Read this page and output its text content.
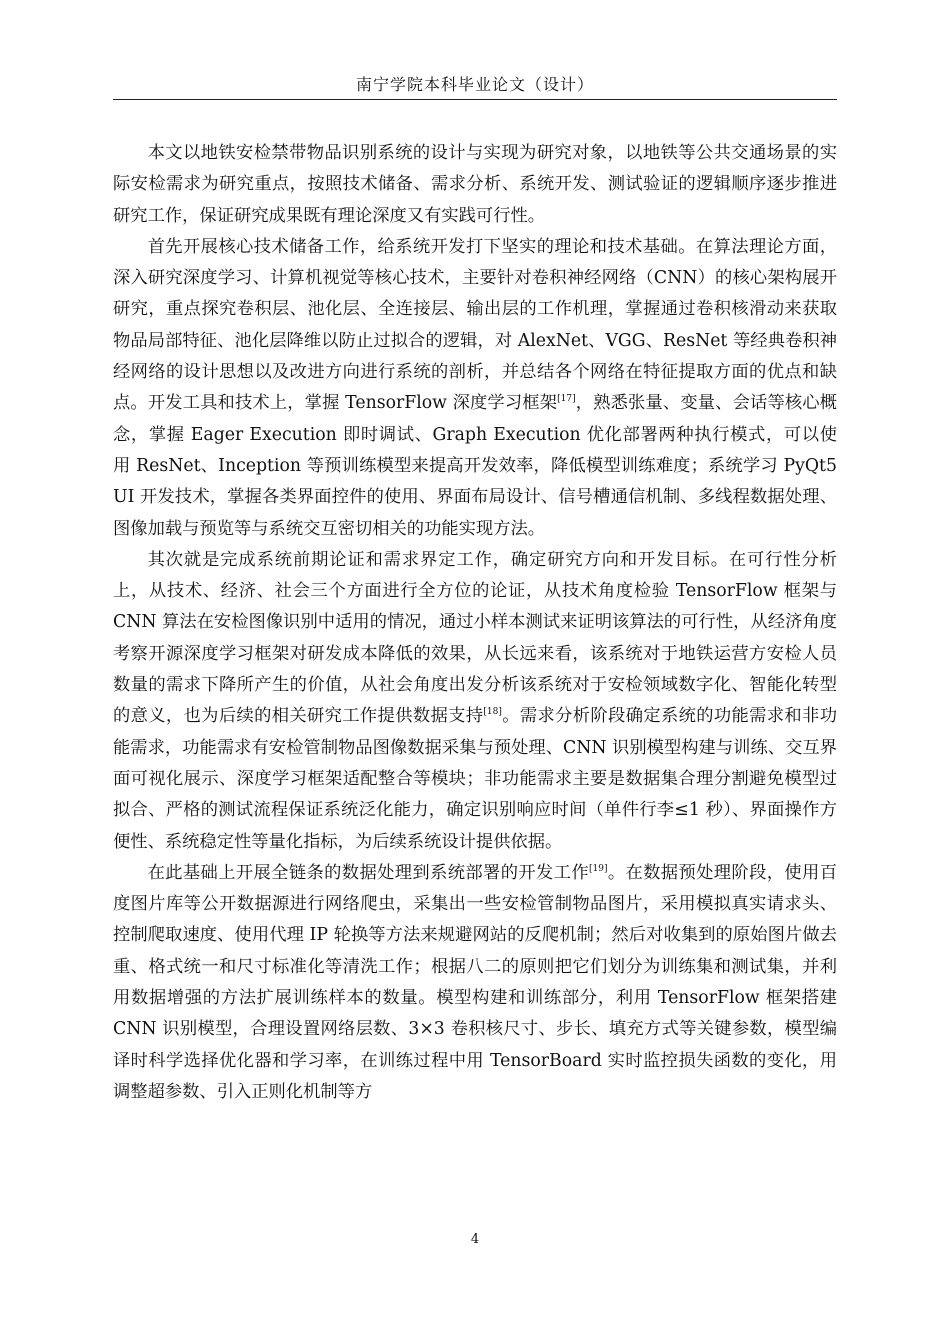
南宁学院本科毕业论文（设计）

本文以地铁安检禁带物品识别系统的设计与实现为研究对象，以地铁等公共交通场景的实际安检需求为研究重点，按照技术储备、需求分析、系统开发、测试验证的逻辑顺序逐步推进研究工作，保证研究成果既有理论深度又有实践可行性。

首先开展核心技术储备工作，给系统开发打下坚实的理论和技术基础。在算法理论方面，深入研究深度学习、计算机视觉等核心技术，主要针对卷积神经网络（CNN）的核心架构展开研究，重点探究卷积层、池化层、全连接层、输出层的工作机理，掌握通过卷积核滑动来获取物品局部特征、池化层降维以防止过拟合的逻辑，对 AlexNet、VGG、ResNet 等经典卷积神经网络的设计思想以及改进方向进行系统的剖析，并总结各个网络在特征提取方面的优点和缺点。开发工具和技术上，掌握 TensorFlow 深度学习框架[17]，熟悉张量、变量、会话等核心概念，掌握 Eager Execution 即时调试、Graph Execution 优化部署两种执行模式，可以使用 ResNet、Inception 等预训练模型来提高开发效率，降低模型训练难度；系统学习 PyQt5 UI 开发技术，掌握各类界面控件的使用、界面布局设计、信号槽通信机制、多线程数据处理、图像加载与预览等与系统交互密切相关的功能实现方法。

其次就是完成系统前期论证和需求界定工作，确定研究方向和开发目标。在可行性分析上，从技术、经济、社会三个方面进行全方位的论证，从技术角度检验 TensorFlow 框架与 CNN 算法在安检图像识别中适用的情况，通过小样本测试来证明该算法的可行性，从经济角度考察开源深度学习框架对研发成本降低的效果，从长远来看，该系统对于地铁运营方安检人员数量的需求下降所产生的价值，从社会角度出发分析该系统对于安检领域数字化、智能化转型的意义，也为后续的相关研究工作提供数据支持[18]。需求分析阶段确定系统的功能需求和非功能需求，功能需求有安检管制物品图像数据采集与预处理、CNN 识别模型构建与训练、交互界面可视化展示、深度学习框架适配整合等模块；非功能需求主要是数据集合理分割避免模型过拟合、严格的测试流程保证系统泛化能力，确定识别响应时间（单件行李≤1 秒）、界面操作方便性、系统稳定性等量化指标，为后续系统设计提供依据。

在此基础上开展全链条的数据处理到系统部署的开发工作[19]。在数据预处理阶段，使用百度图片库等公开数据源进行网络爬虫，采集出一些安检管制物品图片，采用模拟真实请求头、控制爬取速度、使用代理 IP 轮换等方法来规避网站的反爬机制；然后对收集到的原始图片做去重、格式统一和尺寸标准化等清洗工作；根据八二的原则把它们划分为训练集和测试集，并利用数据增强的方法扩展训练样本的数量。模型构建和训练部分，利用 TensorFlow 框架搭建 CNN 识别模型，合理设置网络层数、3×3 卷积核尺寸、步长、填充方式等关键参数，模型编译时科学选择优化器和学习率，在训练过程中用 TensorBoard 实时监控损失函数的变化，用调整超参数、引入正则化机制等方

4
